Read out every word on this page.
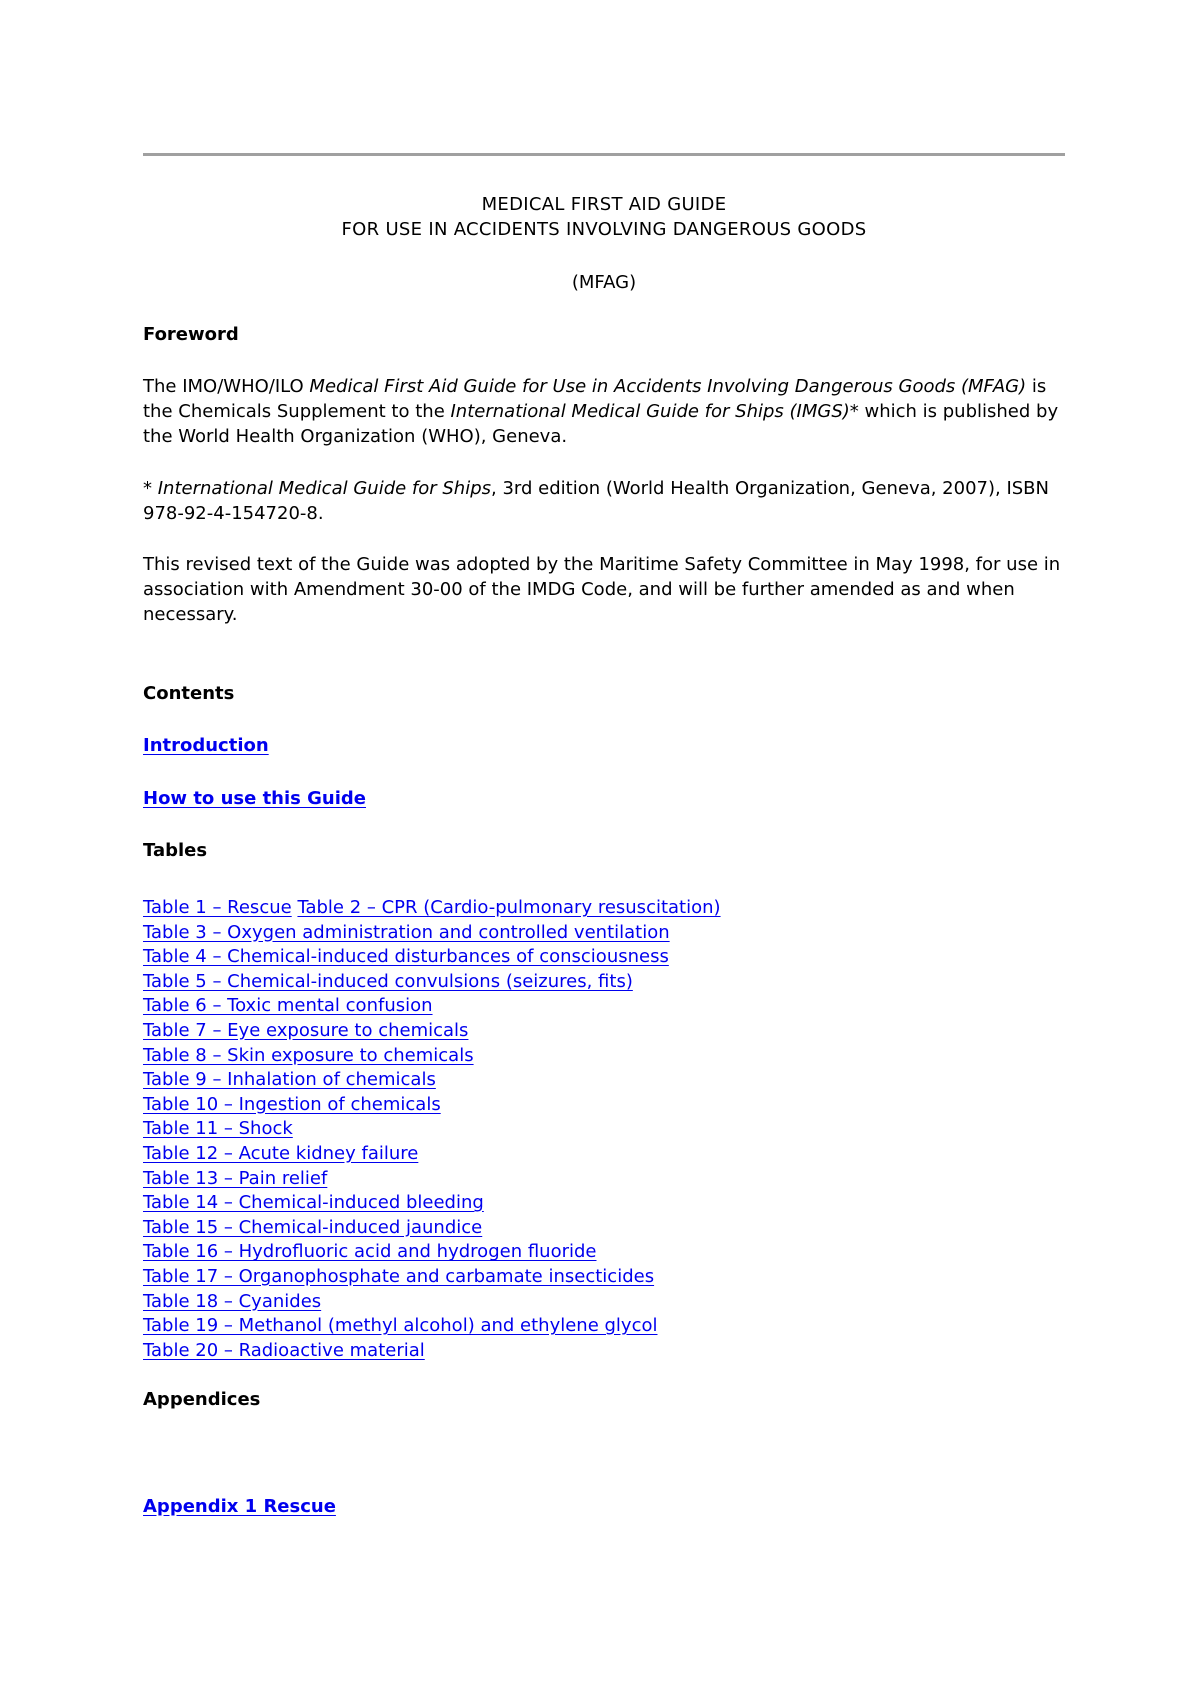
MEDICAL FIRST AID GUIDE
FOR USE IN ACCIDENTS INVOLVING DANGEROUS GOODS
(MFAG)
Foreword
The IMO/WHO/ILO Medical First Aid Guide for Use in Accidents Involving Dangerous Goods (MFAG) is the Chemicals Supplement to the International Medical Guide for Ships (IMGS)* which is published by the World Health Organization (WHO), Geneva.
* International Medical Guide for Ships, 3rd edition (World Health Organization, Geneva, 2007), ISBN 978-92-4-154720-8.
This revised text of the Guide was adopted by the Maritime Safety Committee in May 1998, for use in association with Amendment 30-00 of the IMDG Code, and will be further amended as and when necessary.
Contents
Introduction
How to use this Guide
Tables
Table 1 – Rescue Table 2 – CPR (Cardio-pulmonary resuscitation)
Table 3 – Oxygen administration and controlled ventilation
Table 4 – Chemical-induced disturbances of consciousness
Table 5 – Chemical-induced convulsions (seizures, fits)
Table 6 – Toxic mental confusion
Table 7 – Eye exposure to chemicals
Table 8 – Skin exposure to chemicals
Table 9 – Inhalation of chemicals
Table 10 – Ingestion of chemicals
Table 11 – Shock
Table 12 – Acute kidney failure
Table 13 – Pain relief
Table 14 – Chemical-induced bleeding
Table 15 – Chemical-induced jaundice
Table 16 – Hydrofluoric acid and hydrogen fluoride
Table 17 – Organophosphate and carbamate insecticides
Table 18 – Cyanides
Table 19 – Methanol (methyl alcohol) and ethylene glycol
Table 20 – Radioactive material
Appendices
Appendix 1 Rescue
